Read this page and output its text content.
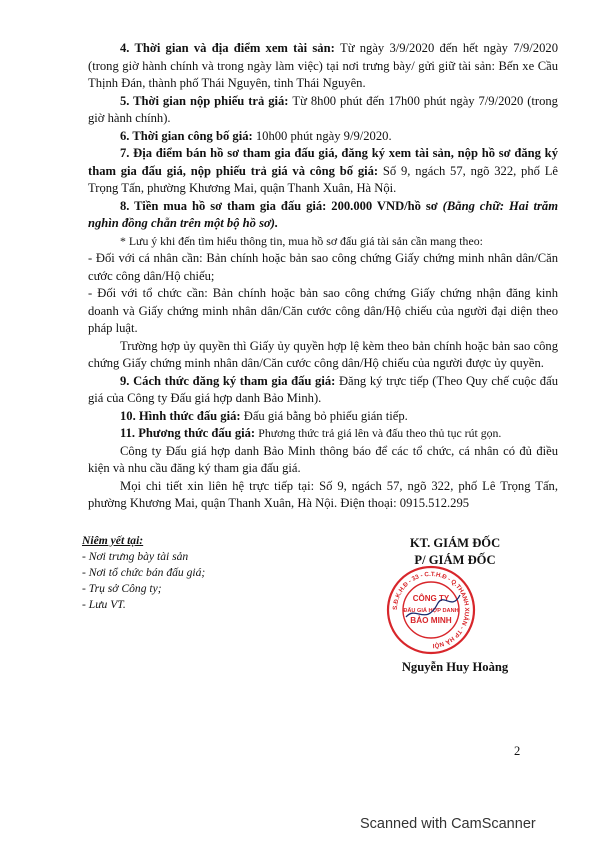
4. Thời gian và địa điểm xem tài sản: Từ ngày 3/9/2020 đến hết ngày 7/9/2020 (trong giờ hành chính và trong ngày làm việc) tại nơi trưng bày/ gửi giữ tài sản: Bến xe Cầu Thịnh Đán, thành phố Thái Nguyên, tỉnh Thái Nguyên.

5. Thời gian nộp phiếu trả giá: Từ 8h00 phút đến 17h00 phút ngày 7/9/2020 (trong giờ hành chính).

6. Thời gian công bố giá: 10h00 phút ngày 9/9/2020.

7. Địa điểm bán hồ sơ tham gia đấu giá, đăng ký xem tài sản, nộp hồ sơ đăng ký tham gia đấu giá, nộp phiếu trả giá và công bố giá: Số 9, ngách 57, ngõ 322, phố Lê Trọng Tấn, phường Khương Mai, quận Thanh Xuân, Hà Nội.

8. Tiền mua hồ sơ tham gia đấu giá: 200.000 VND/hồ sơ (Bằng chữ: Hai trăm nghìn đồng chẵn trên một bộ hồ sơ).

* Lưu ý khi đến tìm hiểu thông tin, mua hồ sơ đấu giá tài sản cần mang theo:

- Đối với cá nhân cần: Bản chính hoặc bản sao công chứng Giấy chứng minh nhân dân/Căn cước công dân/Hộ chiếu;

- Đối với tổ chức cần: Bản chính hoặc bản sao công chứng Giấy chứng nhận đăng kinh doanh và Giấy chứng minh nhân dân/Căn cước công dân/Hộ chiếu của người đại diện theo pháp luật.

Trường hợp ủy quyền thì Giấy ủy quyền hợp lệ kèm theo bản chính hoặc bản sao công chứng Giấy chứng minh nhân dân/Căn cước công dân/Hộ chiếu của người được ủy quyền.

9. Cách thức đăng ký tham gia đấu giá: Đăng ký trực tiếp (Theo Quy chế cuộc đấu giá của Công ty Đấu giá hợp danh Bảo Minh).

10. Hình thức đấu giá: Đấu giá bằng bỏ phiếu gián tiếp.

11. Phương thức đấu giá: Phương thức trả giá lên và đấu theo thủ tục rút gọn.

Công ty Đấu giá hợp danh Bảo Minh thông báo để các tổ chức, cá nhân có đủ điều kiện và nhu cầu đăng ký tham gia đấu giá.

Mọi chi tiết xin liên hệ trực tiếp tại: Số 9, ngách 57, ngõ 322, phố Lê Trọng Tấn, phường Khương Mai, quận Thanh Xuân, Hà Nội. Điện thoại: 0915.512.295

Niêm yết tại:
- Nơi trưng bày tài sản
- Nơi tổ chức bán đấu giá;
- Trụ sở Công ty;
- Lưu VT.
KT. GIÁM ĐỐC
P/ GIÁM ĐỐC
S.Đ.K.H.Đ - 33 - C.T.H.Đ - Q.THANH XUÂN - TP HÀ NỘI
CÔNG TY
ĐẤU GIÁ HỢP DANH
BẢO MINH
Nguyễn Huy Hoàng
2
Scanned with CamScanner
